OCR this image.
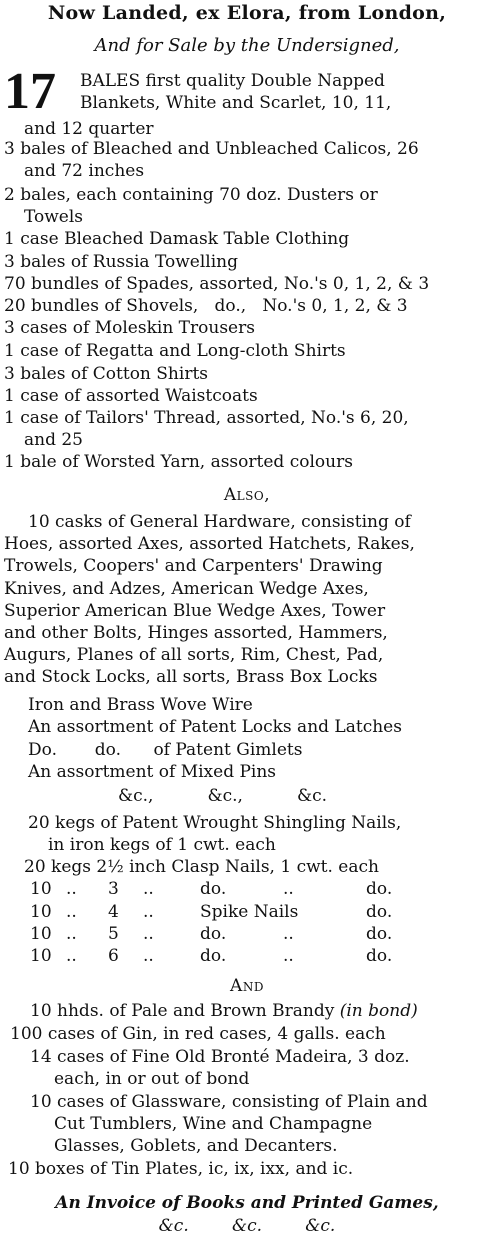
Now Landed, ex Elora, from London,
And for Sale by the Undersigned,
17 BALES first quality Double Napped
Blankets, White and Scarlet, 10, 11,
and 12 quarter
3 bales of Bleached and Unbleached Calicos, 26
and 72 inches
2 bales, each containing 70 doz. Dusters or
Towels
1 case Bleached Damask Table Clothing
3 bales of Russia Towelling
70 bundles of Spades, assorted, No.'s 0, 1, 2, & 3
20 bundles of Shovels,   do.,   No.'s 0, 1, 2, & 3
3 cases of Moleskin Trousers
1 case of Regatta and Long-cloth Shirts
3 bales of Cotton Shirts
1 case of assorted Waistcoats
1 case of Tailors' Thread, assorted, No.'s 6, 20,
and 25
1 bale of Worsted Yarn, assorted colours
Also,
10 casks of General Hardware, consisting of
Hoes, assorted Axes, assorted Hatchets, Rakes,
Trowels, Coopers' and Carpenters' Drawing
Knives, and Adzes, American Wedge Axes,
Superior American Blue Wedge Axes, Tower
and other Bolts, Hinges assorted, Hammers,
Augurs, Planes of all sorts, Rim, Chest, Pad,
and Stock Locks, all sorts, Brass Box Locks
Iron and Brass Wove Wire
An assortment of Patent Locks and Latches
Do.       do.      of Patent Gimlets
An assortment of Mixed Pins
&c.,          &c.,          &c.
20 kegs of Patent Wrought Shingling Nails,
in iron kegs of 1 cwt. each
20 kegs 2½ inch Clasp Nails, 1 cwt. each
10 .. 3 ..	do.	..	do.
10 .. 4 ..	Spike Nails	do.
10 .. 5 ..	do.	..	do.
10 .. 6 ..	do.	..	do.
And
10 hhds. of Pale and Brown Brandy (in bond)
100 cases of Gin, in red cases, 4 galls. each
14 cases of Fine Old Bronté Madeira, 3 doz.
each, in or out of bond
10 cases of Glassware, consisting of Plain and
Cut Tumblers, Wine and Champagne
Glasses, Goblets, and Decanters.
10 boxes of Tin Plates, ic, ix, ixx, and ic.
An Invoice of Books and Printed Games,
&c.        &c.        &c.
